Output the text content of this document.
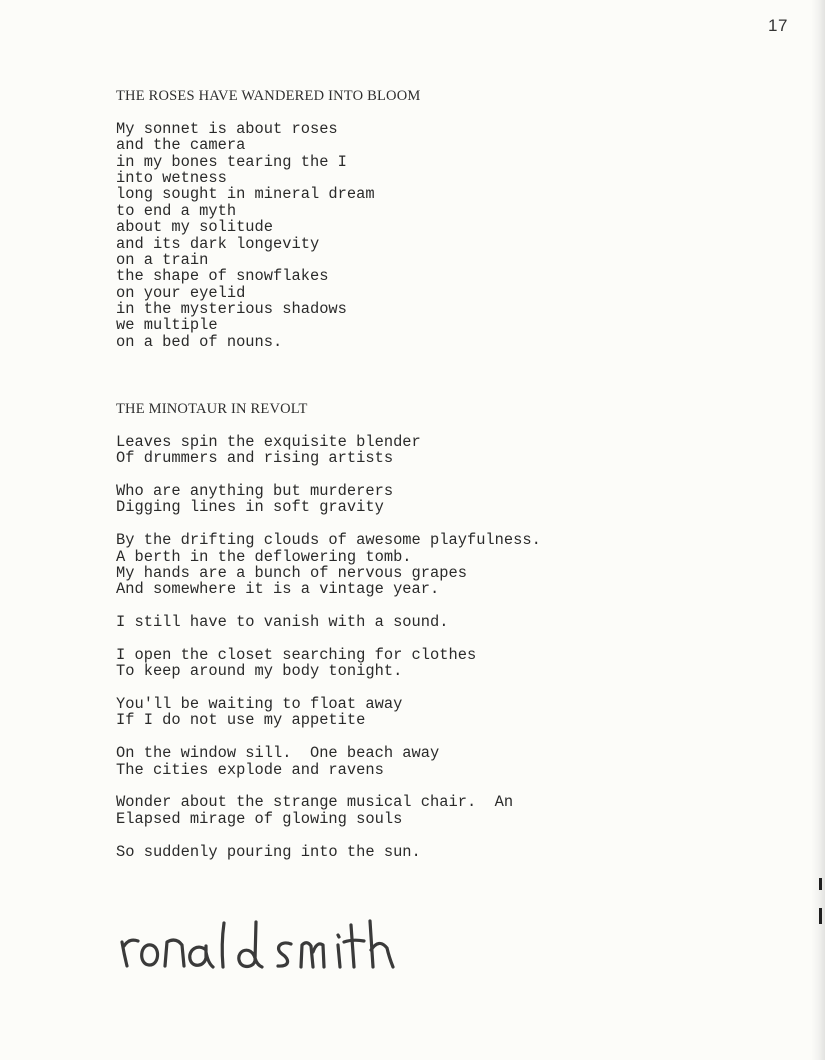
17
THE ROSES HAVE WANDERED INTO BLOOM
My sonnet is about roses
and the camera
in my bones tearing the I
into wetness
long sought in mineral dream
to end a myth
about my solitude
and its dark longevity
on a train
the shape of snowflakes
on your eyelid
in the mysterious shadows
we multiple
on a bed of nouns.
THE MINOTAUR IN REVOLT
Leaves spin the exquisite blender
Of drummers and rising artists
Who are anything but murderers
Digging lines in soft gravity
By the drifting clouds of awesome playfulness.
A berth in the deflowering tomb.
My hands are a bunch of nervous grapes
And somewhere it is a vintage year.
I still have to vanish with a sound.
I open the closet searching for clothes
To keep around my body tonight.
You'll be waiting to float away
If I do not use my appetite
On the window sill.  One beach away
The cities explode and ravens
Wonder about the strange musical chair.  An
Elapsed mirage of glowing souls
So suddenly pouring into the sun.
